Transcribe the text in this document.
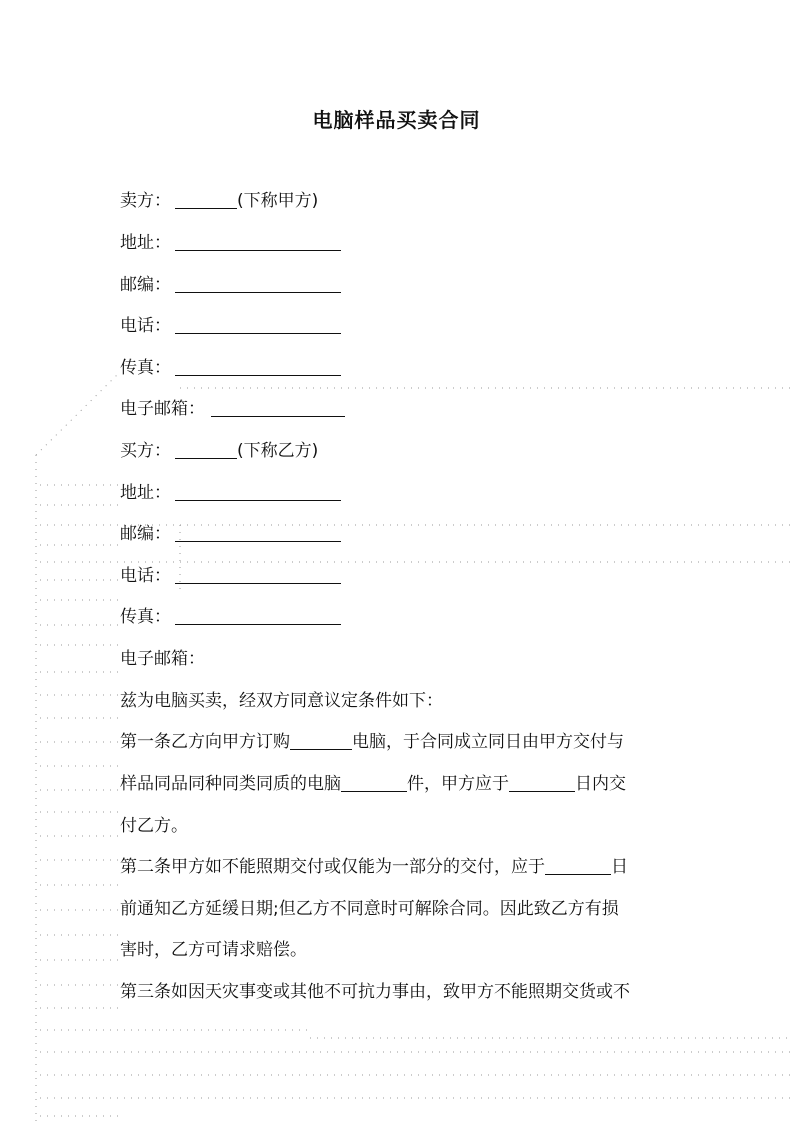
电脑样品买卖合同
卖方：	(下称甲方)
地址：
邮编：
电话：
传真：
电子邮箱：
买方：	(下称乙方)
地址：
邮编：
电话：
传真：
电子邮箱：
兹为电脑买卖，经双方同意议定条件如下：
第一条乙方向甲方订购	电脑，于合同成立同日由甲方交付与
样品同品同种同类同质的电脑	件，甲方应于	日内交
付乙方。
第二条甲方如不能照期交付或仅能为一部分的交付，应于	日
前通知乙方延缓日期;但乙方不同意时可解除合同。因此致乙方有损
害时，乙方可请求赔偿。
第三条如因天灾事变或其他不可抗力事由，致甲方不能照期交货或不
